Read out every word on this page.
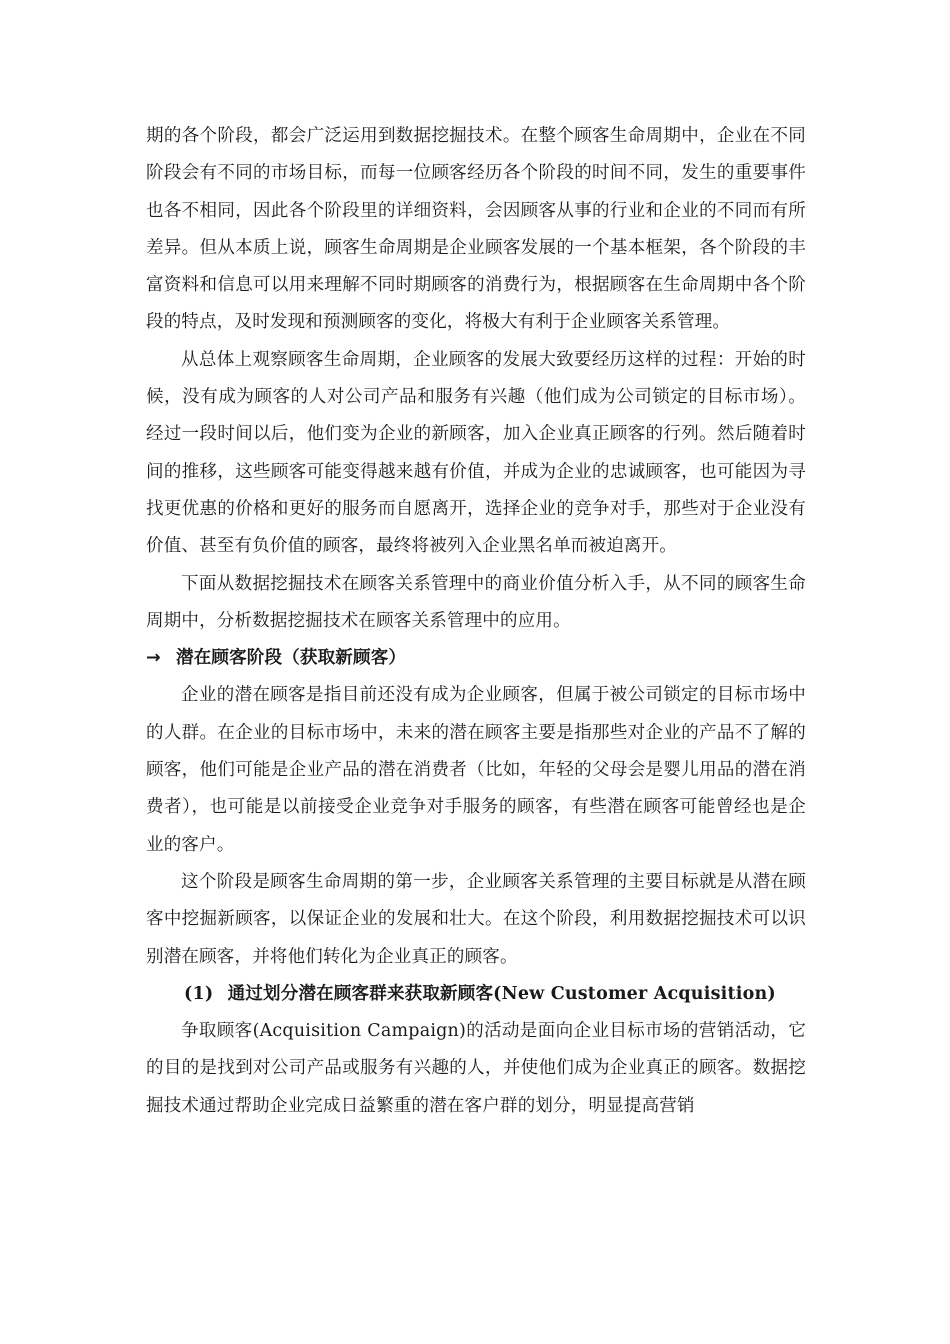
期的各个阶段，都会广泛运用到数据挖掘技术。在整个顾客生命周期中，企业在不同阶段会有不同的市场目标，而每一位顾客经历各个阶段的时间不同，发生的重要事件也各不相同，因此各个阶段里的详细资料，会因顾客从事的行业和企业的不同而有所差异。但从本质上说，顾客生命周期是企业顾客发展的一个基本框架，各个阶段的丰富资料和信息可以用来理解不同时期顾客的消费行为，根据顾客在生命周期中各个阶段的特点，及时发现和预测顾客的变化，将极大有利于企业顾客关系管理。

从总体上观察顾客生命周期，企业顾客的发展大致要经历这样的过程：开始的时候，没有成为顾客的人对公司产品和服务有兴趣（他们成为公司锁定的目标市场）。经过一段时间以后，他们变为企业的新顾客，加入企业真正顾客的行列。然后随着时间的推移，这些顾客可能变得越来越有价值，并成为企业的忠诚顾客，也可能因为寻找更优惠的价格和更好的服务而自愿离开，选择企业的竞争对手，那些对于企业没有价值、甚至有负价值的顾客，最终将被列入企业黑名单而被迫离开。

下面从数据挖掘技术在顾客关系管理中的商业价值分析入手，从不同的顾客生命周期中，分析数据挖掘技术在顾客关系管理中的应用。

→ 潜在顾客阶段（获取新顾客）

企业的潜在顾客是指目前还没有成为企业顾客，但属于被公司锁定的目标市场中的人群。在企业的目标市场中，未来的潜在顾客主要是指那些对企业的产品不了解的顾客，他们可能是企业产品的潜在消费者（比如，年轻的父母会是婴儿用品的潜在消费者），也可能是以前接受企业竞争对手服务的顾客，有些潜在顾客可能曾经也是企业的客户。

这个阶段是顾客生命周期的第一步，企业顾客关系管理的主要目标就是从潜在顾客中挖掘新顾客，以保证企业的发展和壮大。在这个阶段，利用数据挖掘技术可以识别潜在顾客，并将他们转化为企业真正的顾客。

(1) 通过划分潜在顾客群来获取新顾客(New Customer Acquisition)

争取顾客(Acquisition Campaign)的活动是面向企业目标市场的营销活动，它的目的是找到对公司产品或服务有兴趣的人，并使他们成为企业真正的顾客。数据挖掘技术通过帮助企业完成日益繁重的潜在客户群的划分，明显提高营销
